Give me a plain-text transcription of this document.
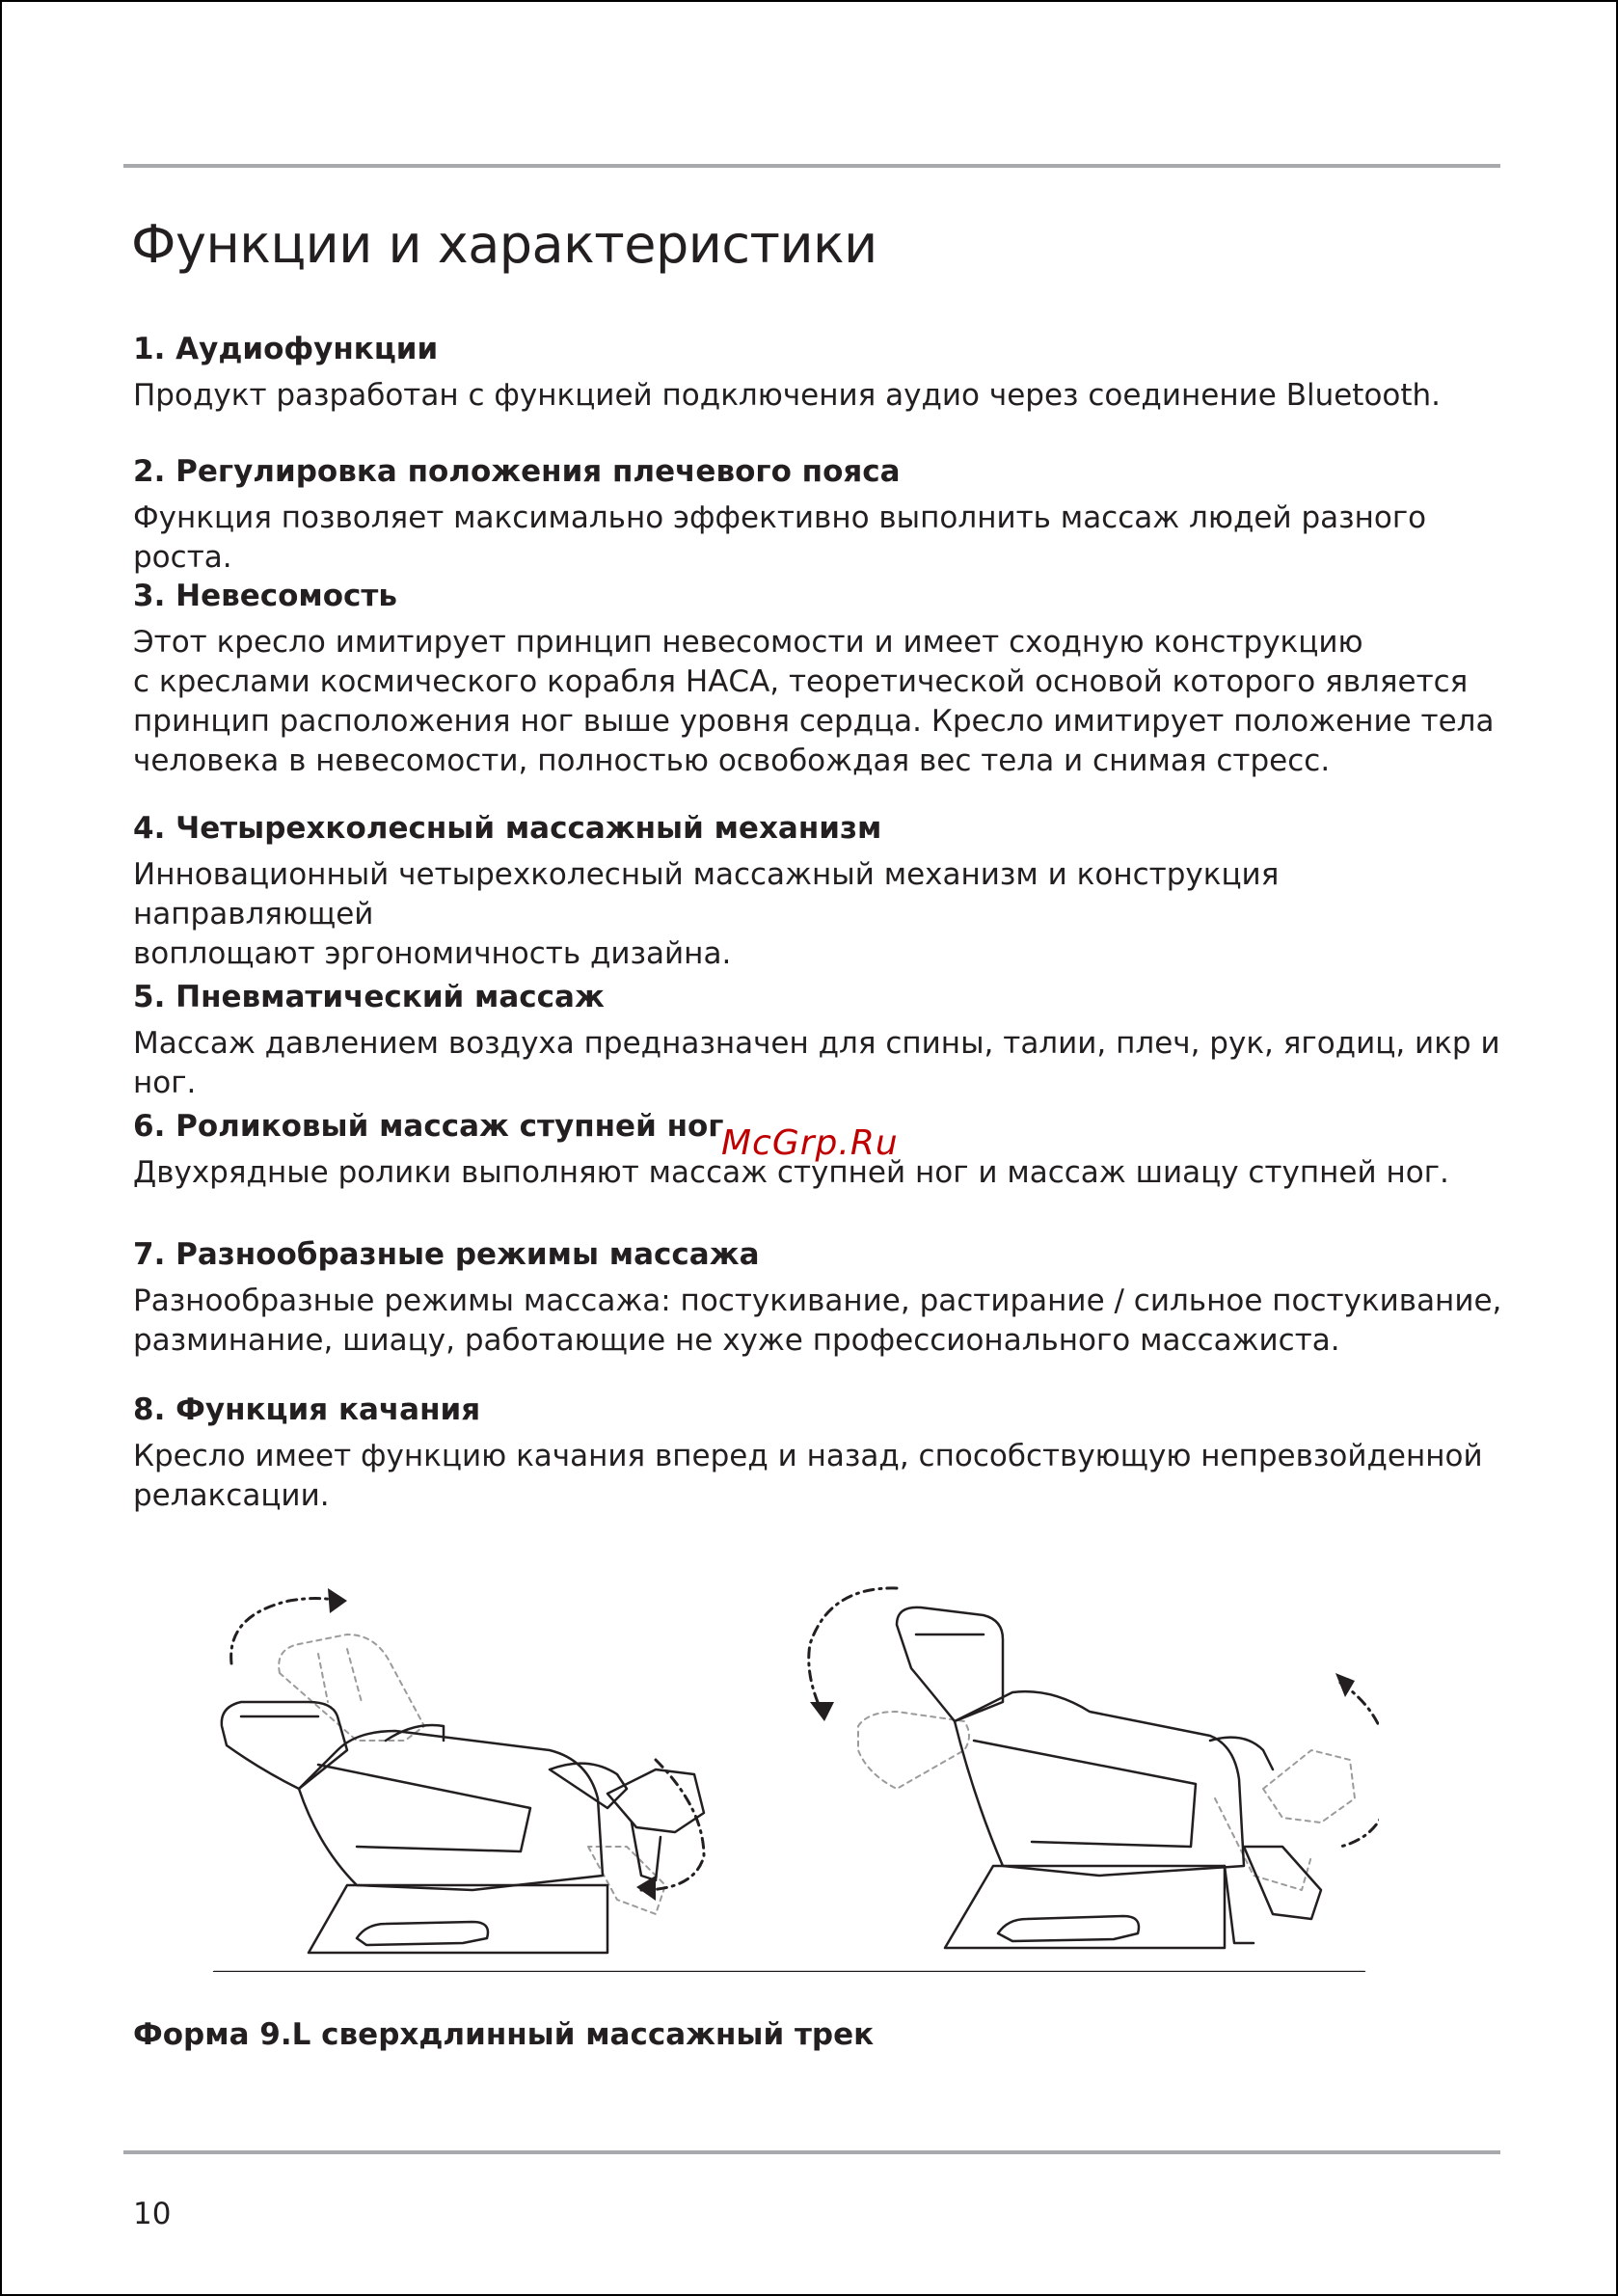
Функции и характеристики
1. Аудиофункции

Продукт разработан с функцией подключения аудио через соединение Bluetooth.

2. Регулировка положения плечевого пояса

Функция позволяет максимально эффективно выполнить массаж людей разного роста.

3. Невесомость

Этот кресло имитирует принцип невесомости и имеет сходную конструкцию
с креслами космического корабля НАСА, теоретической основой которого является
принцип расположения ног выше уровня сердца. Кресло имитирует положение тела
человека в невесомости, полностью освобождая вес тела и снимая стресс.

4. Четырехколесный массажный механизм

Инновационный четырехколесный массажный механизм и конструкция направляющей
воплощают эргономичность дизайна.

5. Пневматический массаж

Массаж давлением воздуха предназначен для спины, талии, плеч, рук, ягодиц, икр и ног.

6. Роликовый массаж ступней ног

Двухрядные ролики выполняют массаж ступней ног и массаж шиацу ступней ног.

7. Разнообразные режимы массажа

Разнообразные режимы массажа: постукивание, растирание / сильное постукивание,
разминание, шиацу, работающие не хуже профессионального массажиста.

8. Функция качания

Кресло имеет функцию качания вперед и назад, способствующую непревзойденной
релаксации.

McGrp.Ru

Форма 9.L сверхдлинный массажный трек

10
